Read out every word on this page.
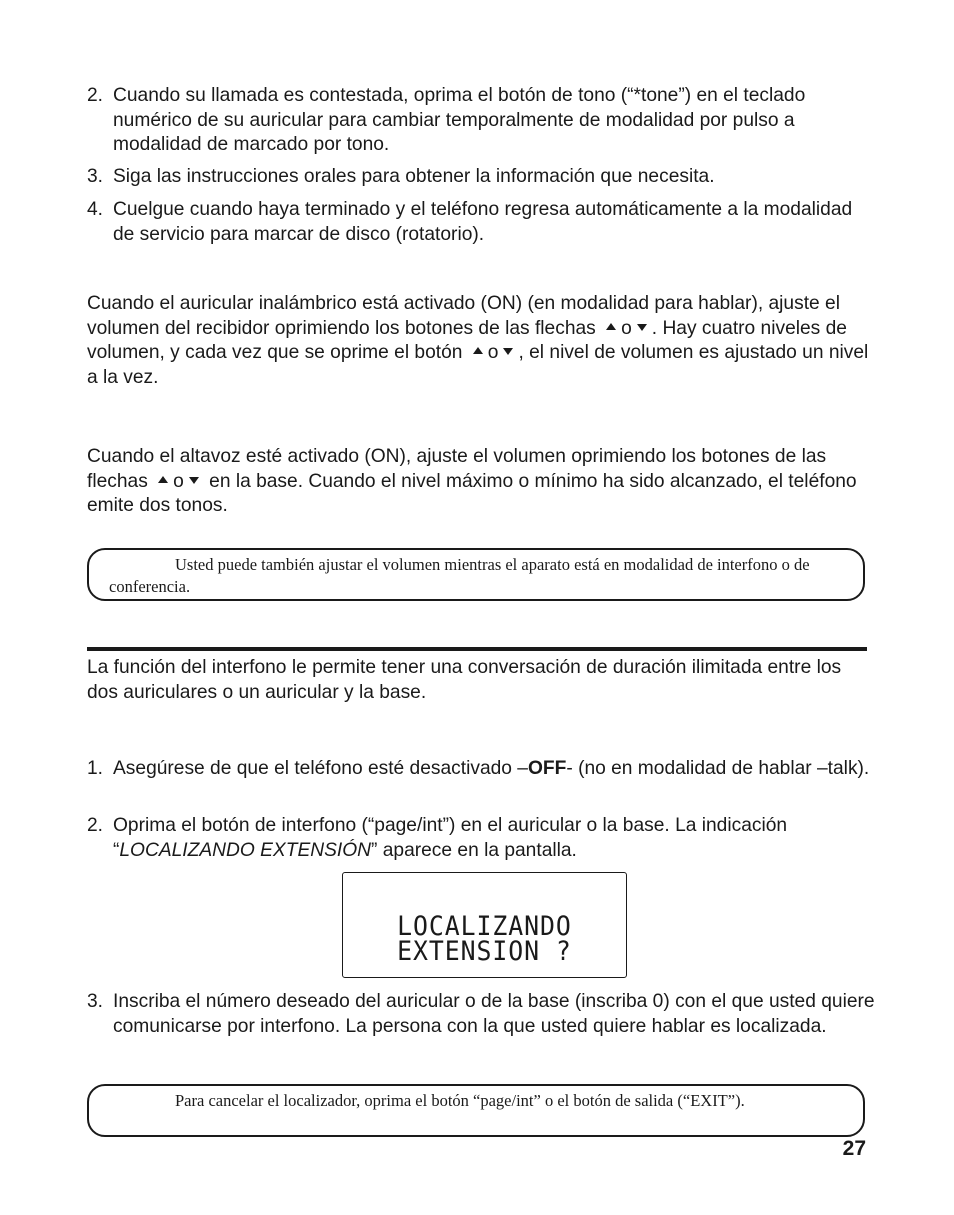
2. Cuando su llamada es contestada, oprima el botón de tono (“*tone”) en el teclado numérico de su auricular para cambiar temporalmente de modalidad por pulso a modalidad de marcado por tono.
3. Siga las instrucciones orales para obtener la información que necesita.
4. Cuelgue cuando haya terminado y el teléfono regresa automáticamente a la modalidad de servicio para marcar de disco (rotatorio).
Cuando el auricular inalámbrico está activado (ON) (en modalidad para hablar), ajuste el volumen del recibidor oprimiendo los botones de las flechas o . Hay cuatro niveles de volumen, y cada vez que se oprime el botón o , el nivel de volumen es ajustado un nivel a la vez.
Cuando el altavoz esté activado (ON), ajuste el volumen oprimiendo los botones de las flechas o en la base. Cuando el nivel máximo o mínimo ha sido alcanzado, el teléfono emite dos tonos.
Usted puede también ajustar el volumen mientras el aparato está en modalidad de interfono o de conferencia.
La función del interfono le permite tener una conversación de duración ilimitada entre los dos auriculares o un auricular y la base.
1. Asegúrese de que el teléfono esté desactivado –OFF- (no en modalidad de hablar –talk).
2. Oprima el botón de interfono (“page/int”) en el auricular o la base. La indicación “LOCALIZANDO EXTENSIÓN” aparece en la pantalla.
LOCALIZANDO
EXTENSION ?
3. Inscriba el número deseado del auricular o de la base (inscriba 0) con el que usted quiere comunicarse por interfono. La persona con la que usted quiere hablar es localizada.
Para cancelar el localizador, oprima el botón “page/int” o el botón de salida (“EXIT”).
27
